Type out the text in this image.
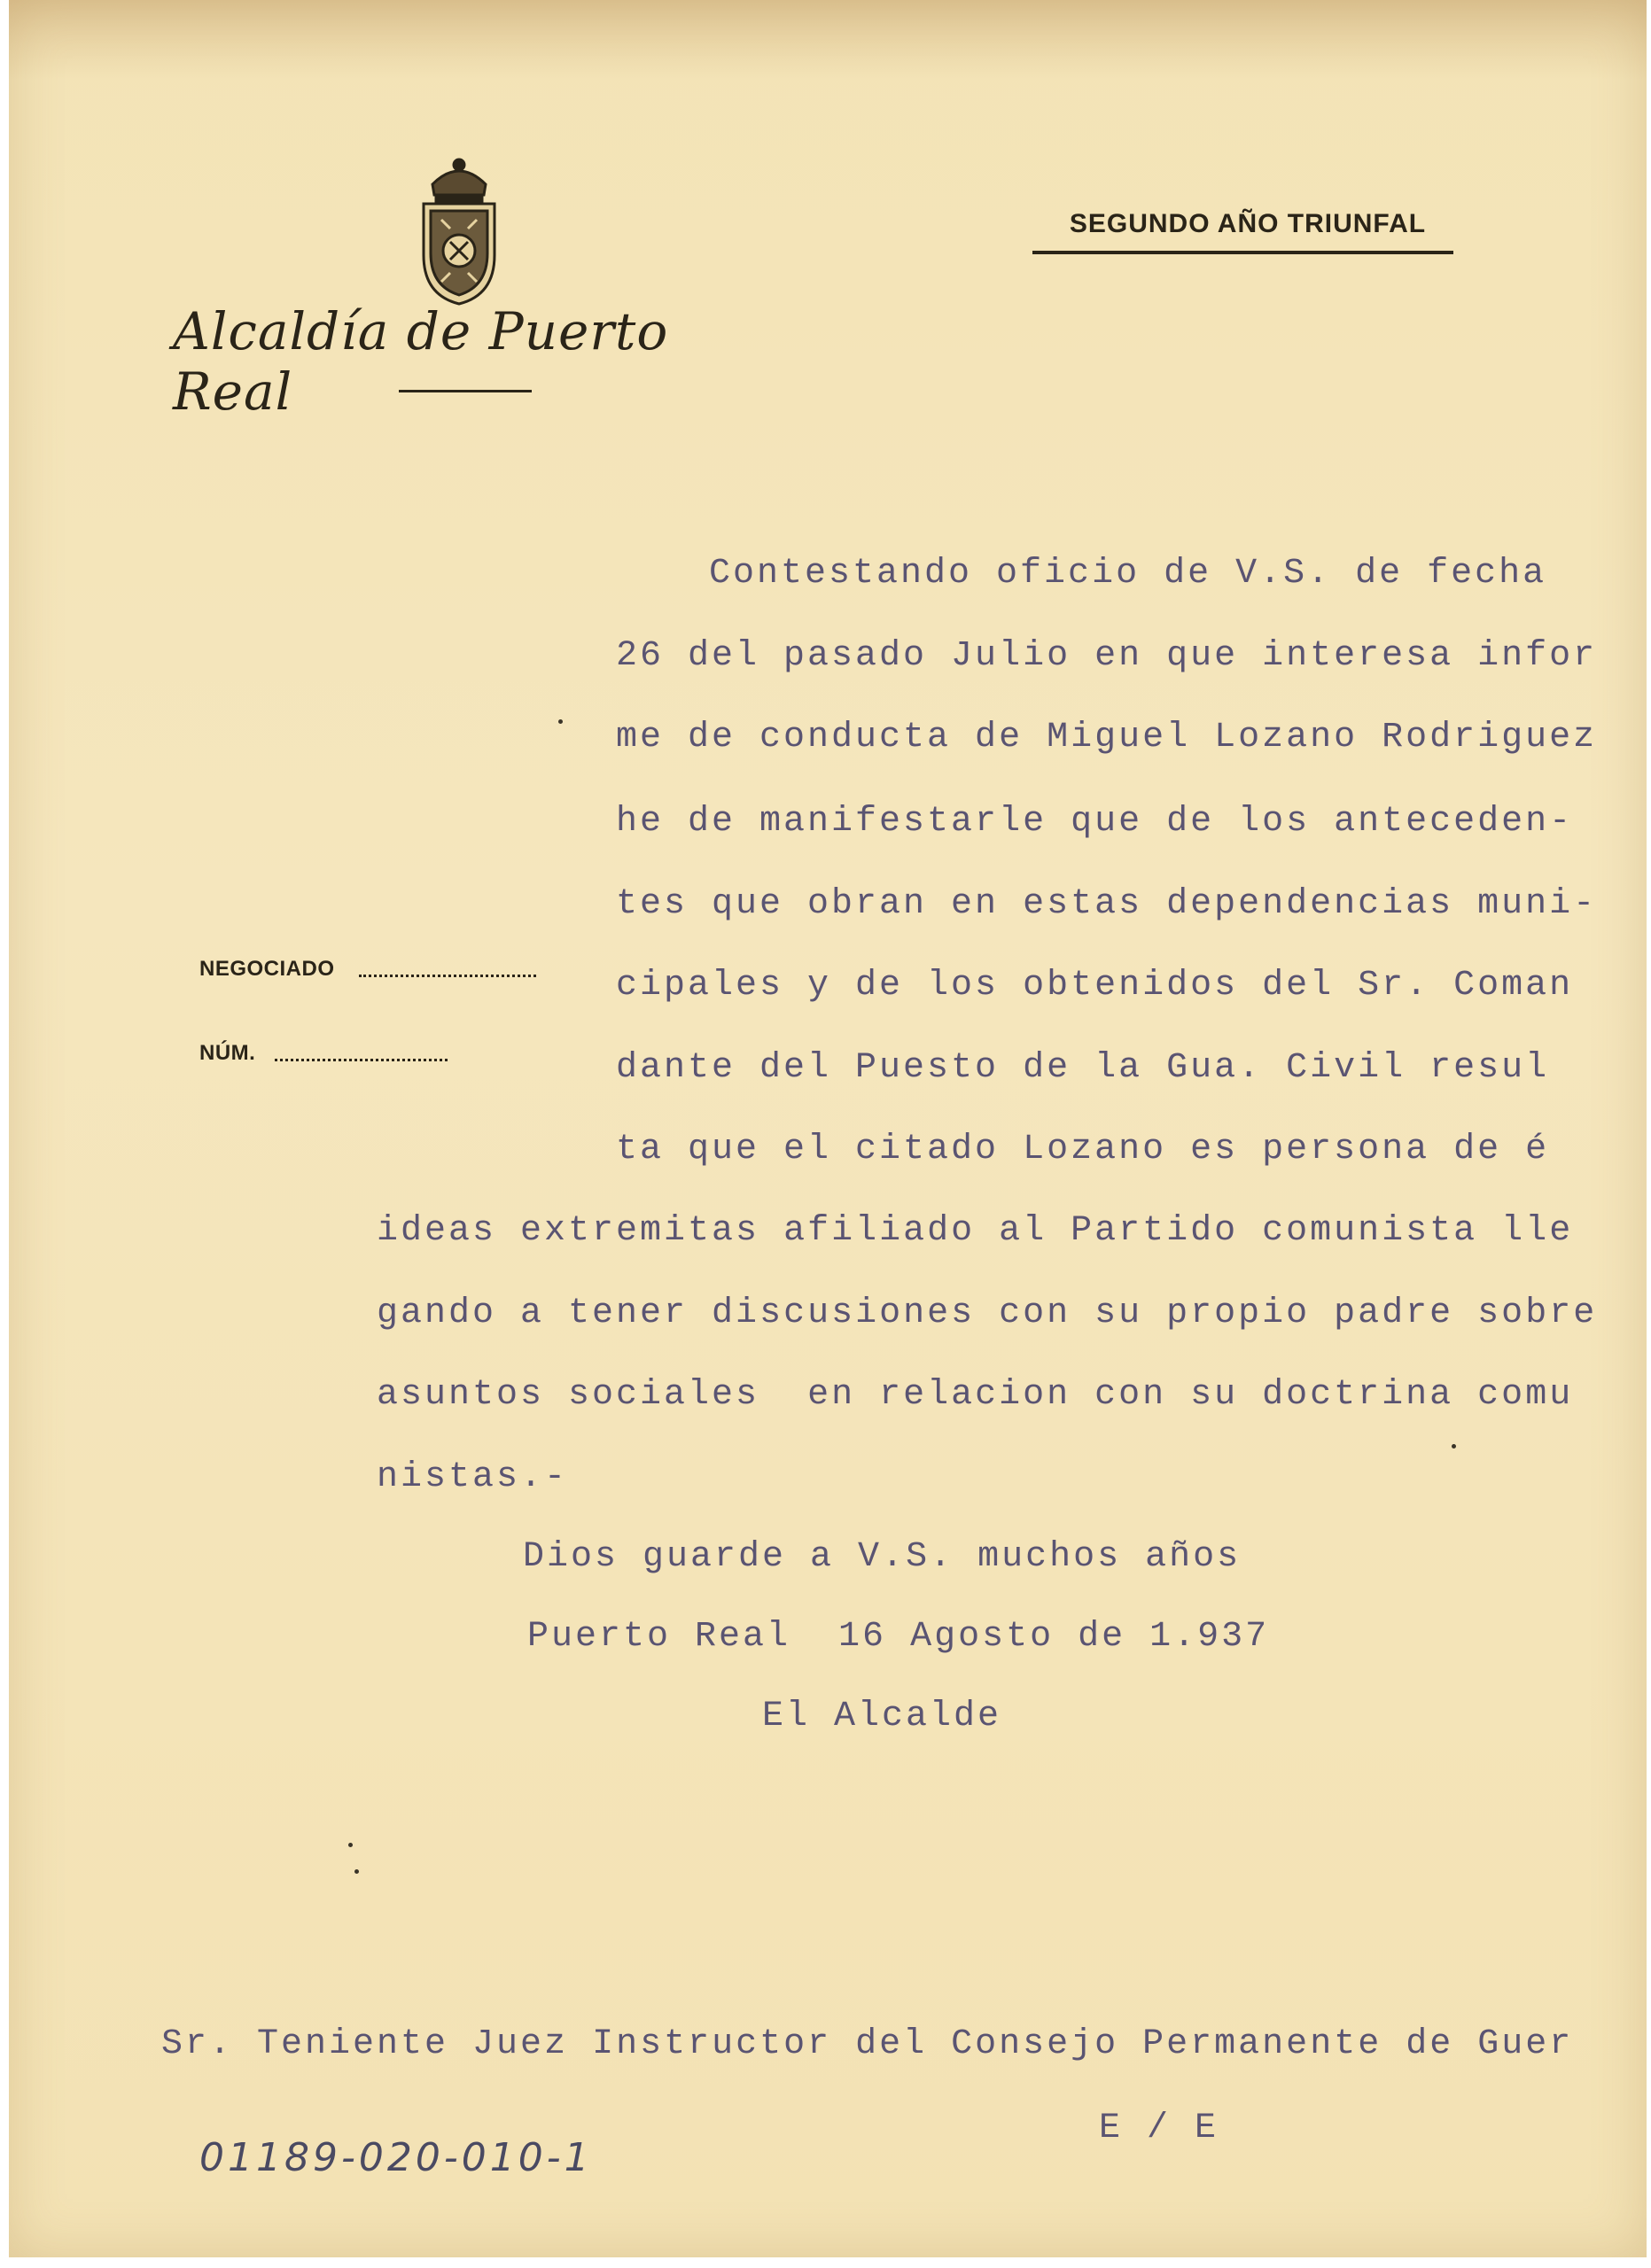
Alcaldía de Puerto Real
SEGUNDO AÑO TRIUNFAL
NEGOCIADO
NÚM.
Contestando oficio de V.S. de fecha
26 del pasado Julio en que interesa infor
me de conducta de Miguel Lozano Rodriguez
he de manifestarle que de los anteceden-
tes que obran en estas dependencias muni-
cipales y de los obtenidos del Sr. Coman
dante del Puesto de la Gua. Civil resul
ta que el citado Lozano es persona de é
ideas extremitas afiliado al Partido comunista lle
gando a tener discusiones con su propio padre sobre
asuntos sociales  en relacion con su doctrina comu
nistas.-
Dios guarde a V.S. muchos años
Puerto Real  16 Agosto de 1.937
El Alcalde
Sr. Teniente Juez Instructor del Consejo Permanente de Guer
E / E
01189-020-010-1
